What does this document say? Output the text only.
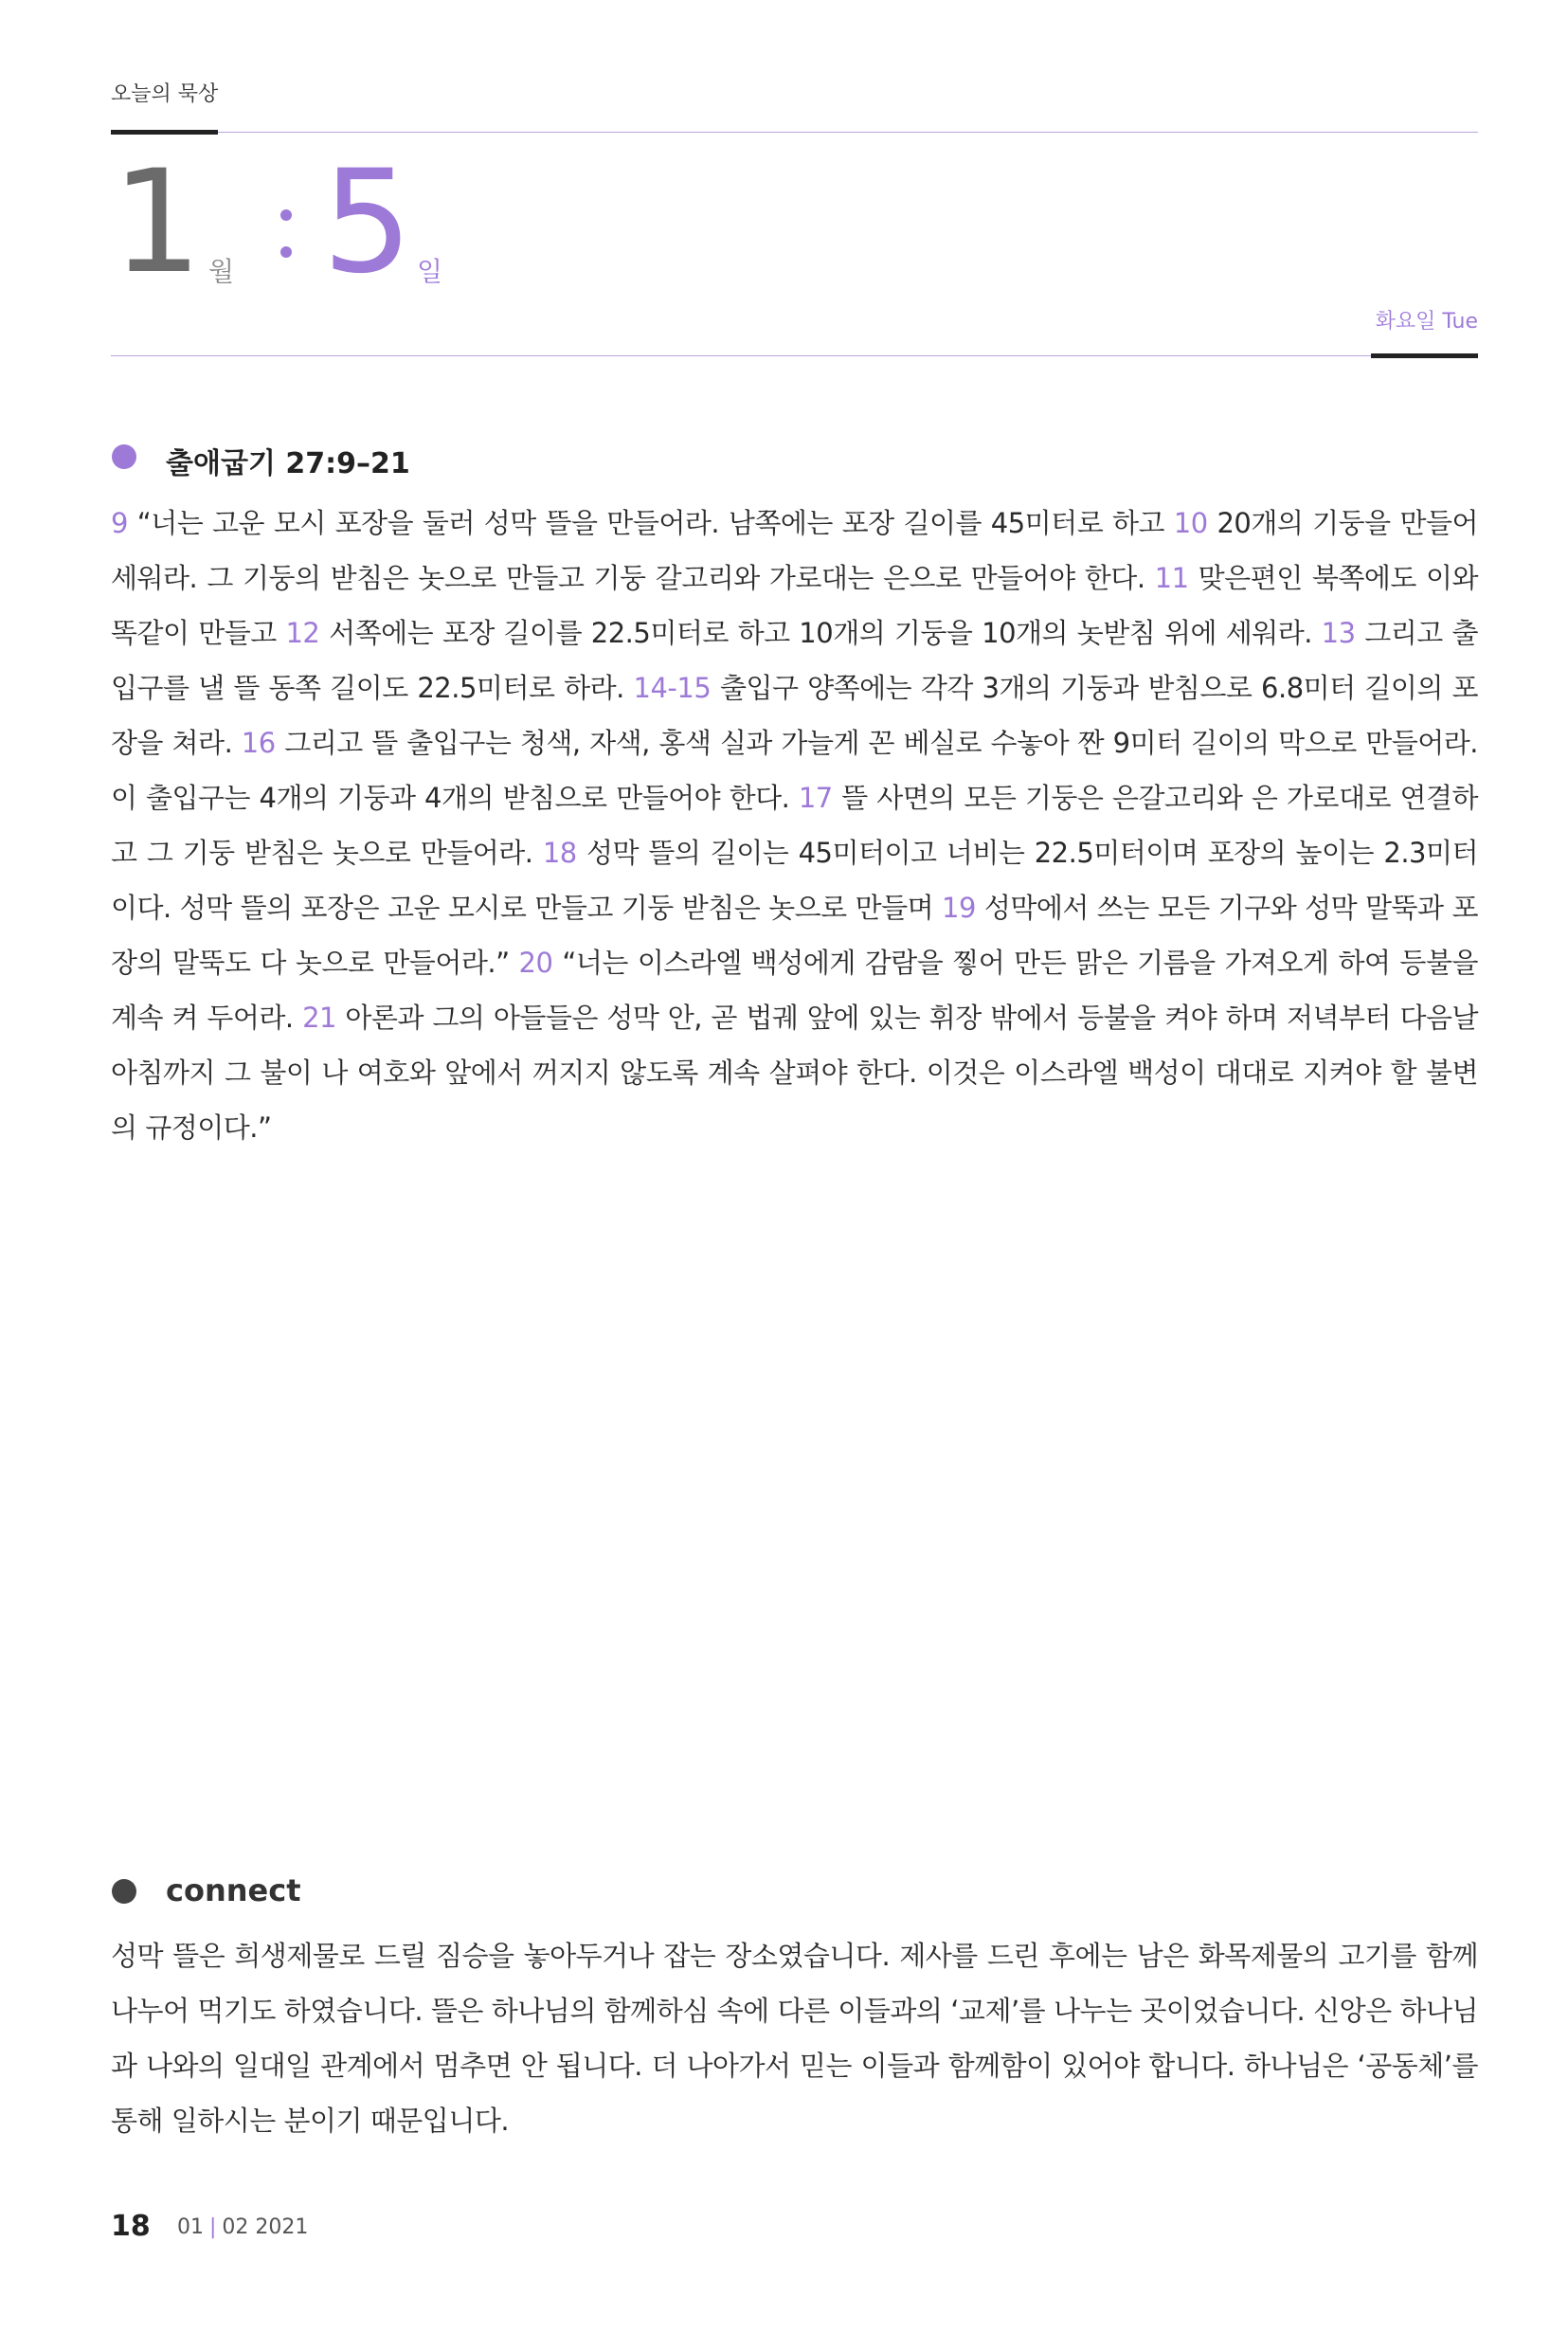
오늘의 묵상
1 월 5 일
화요일 Tue
출애굽기 27:9–21
9 “너는 고운 모시 포장을 둘러 성막 뜰을 만들어라. 남쪽에는 포장 길이를 45미터로 하고 10 20개의 기둥을 만들어 세워라. 그 기둥의 받침은 놋으로 만들고 기둥 갈고리와 가로대는 은으로 만들어야 한다. 11 맞은편인 북쪽에도 이와 똑같이 만들고 12 서쪽에는 포장 길이를 22.5미터로 하고 10개의 기둥을 10개의 놋받침 위에 세워라. 13 그리고 출입구를 낼 뜰 동쪽 길이도 22.5미터로 하라. 14-15 출입구 양쪽에는 각각 3개의 기둥과 받침으로 6.8미터 길이의 포장을 쳐라. 16 그리고 뜰 출입구는 청색, 자색, 홍색 실과 가늘게 꼰 베실로 수놓아 짠 9미터 길이의 막으로 만들어라. 이 출입구는 4개의 기둥과 4개의 받침으로 만들어야 한다. 17 뜰 사면의 모든 기둥은 은갈고리와 은 가로대로 연결하고 그 기둥 받침은 놋으로 만들어라. 18 성막 뜰의 길이는 45미터이고 너비는 22.5미터이며 포장의 높이는 2.3미터이다. 성막 뜰의 포장은 고운 모시로 만들고 기둥 받침은 놋으로 만들며 19 성막에서 쓰는 모든 기구와 성막 말뚝과 포장의 말뚝도 다 놋으로 만들어라.” 20 “너는 이스라엘 백성에게 감람을 찧어 만든 맑은 기름을 가져오게 하여 등불을 계속 켜 두어라. 21 아론과 그의 아들들은 성막 안, 곧 법궤 앞에 있는 휘장 밖에서 등불을 켜야 하며 저녁부터 다음날 아침까지 그 불이 나 여호와 앞에서 꺼지지 않도록 계속 살펴야 한다. 이것은 이스라엘 백성이 대대로 지켜야 할 불변의 규정이다.”
connect
성막 뜰은 희생제물로 드릴 짐승을 놓아두거나 잡는 장소였습니다. 제사를 드린 후에는 남은 화목제물의 고기를 함께 나누어 먹기도 하였습니다. 뜰은 하나님의 함께하심 속에 다른 이들과의 ‘교제’를 나누는 곳이었습니다. 신앙은 하나님과 나와의 일대일 관계에서 멈추면 안 됩니다. 더 나아가서 믿는 이들과 함께함이 있어야 합니다. 하나님은 ‘공동체’를 통해 일하시는 분이기 때문입니다.
18 01 | 02 2021
